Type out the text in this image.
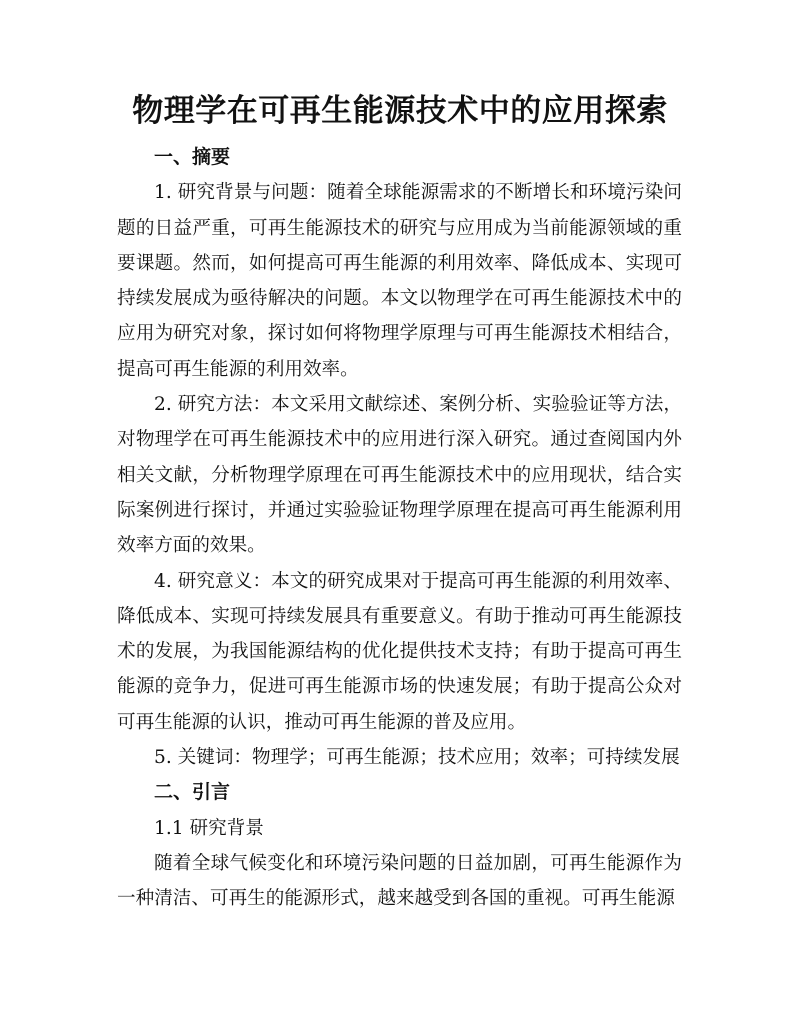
物理学在可再生能源技术中的应用探索

一、摘要

1. 研究背景与问题：随着全球能源需求的不断增长和环境污染问题的日益严重，可再生能源技术的研究与应用成为当前能源领域的重要课题。然而，如何提高可再生能源的利用效率、降低成本、实现可持续发展成为亟待解决的问题。本文以物理学在可再生能源技术中的应用为研究对象，探讨如何将物理学原理与可再生能源技术相结合，提高可再生能源的利用效率。

2. 研究方法：本文采用文献综述、案例分析、实验验证等方法，对物理学在可再生能源技术中的应用进行深入研究。通过查阅国内外相关文献，分析物理学原理在可再生能源技术中的应用现状，结合实际案例进行探讨，并通过实验验证物理学原理在提高可再生能源利用效率方面的效果。

4. 研究意义：本文的研究成果对于提高可再生能源的利用效率、降低成本、实现可持续发展具有重要意义。有助于推动可再生能源技术的发展，为我国能源结构的优化提供技术支持；有助于提高可再生能源的竞争力，促进可再生能源市场的快速发展；有助于提高公众对可再生能源的认识，推动可再生能源的普及应用。

5. 关键词：物理学；可再生能源；技术应用；效率；可持续发展

二、引言

1.1 研究背景

随着全球气候变化和环境污染问题的日益加剧，可再生能源作为一种清洁、可再生的能源形式，越来越受到各国的重视。可再生能源
